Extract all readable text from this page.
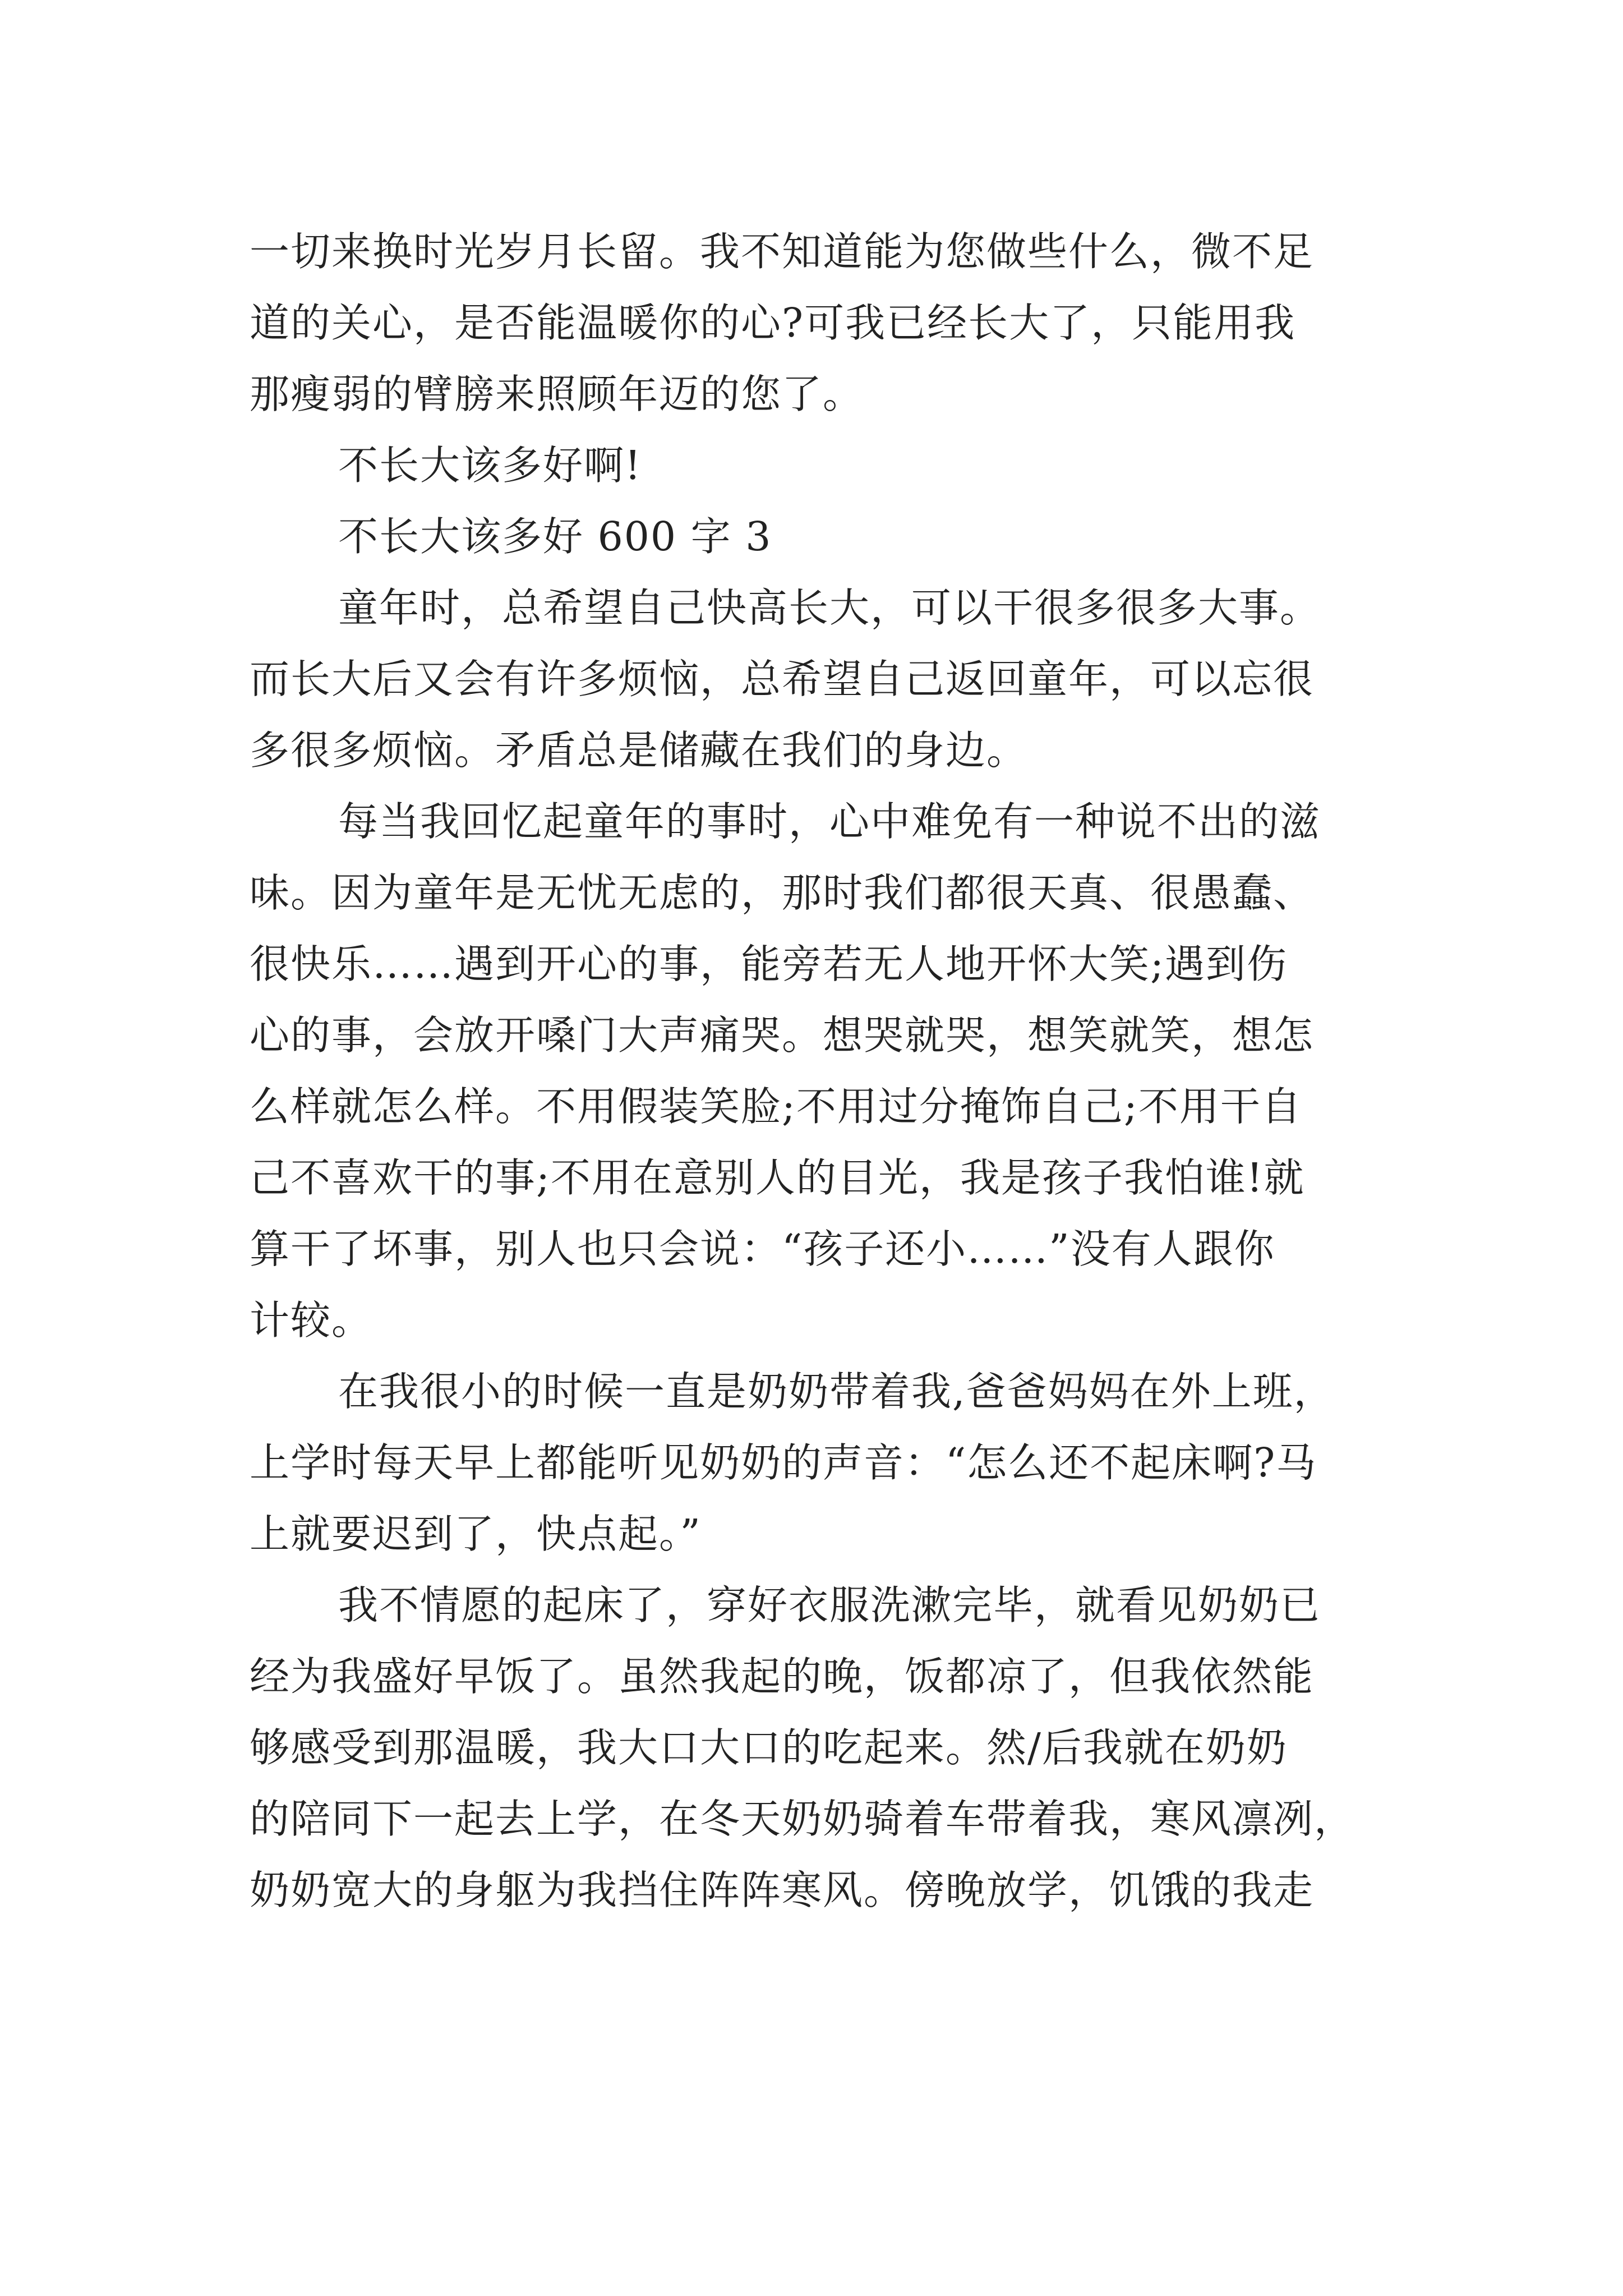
一切来换时光岁月长留。我不知道能为您做些什么，微不足
道的关心，是否能温暖你的心?可我已经长大了，只能用我
那瘦弱的臂膀来照顾年迈的您了。
不长大该多好啊!
不长大该多好 600 字 3
童年时，总希望自己快高长大，可以干很多很多大事。
而长大后又会有许多烦恼，总希望自己返回童年，可以忘很
多很多烦恼。矛盾总是储藏在我们的身边。
每当我回忆起童年的事时，心中难免有一种说不出的滋
味。因为童年是无忧无虑的，那时我们都很天真、很愚蠢、
很快乐……遇到开心的事，能旁若无人地开怀大笑;遇到伤
心的事，会放开嗓门大声痛哭。想哭就哭，想笑就笑，想怎
么样就怎么样。不用假装笑脸;不用过分掩饰自己;不用干自
己不喜欢干的事;不用在意别人的目光，我是孩子我怕谁!就
算干了坏事，别人也只会说：“孩子还小……”没有人跟你
计较。
在我很小的时候一直是奶奶带着我,爸爸妈妈在外上班，
上学时每天早上都能听见奶奶的声音：“怎么还不起床啊?马
上就要迟到了，快点起。”
我不情愿的起床了，穿好衣服洗漱完毕，就看见奶奶已
经为我盛好早饭了。虽然我起的晚，饭都凉了，但我依然能
够感受到那温暖，我大口大口的吃起来。然/后我就在奶奶
的陪同下一起去上学，在冬天奶奶骑着车带着我，寒风凛冽，
奶奶宽大的身躯为我挡住阵阵寒风。傍晚放学，饥饿的我走
